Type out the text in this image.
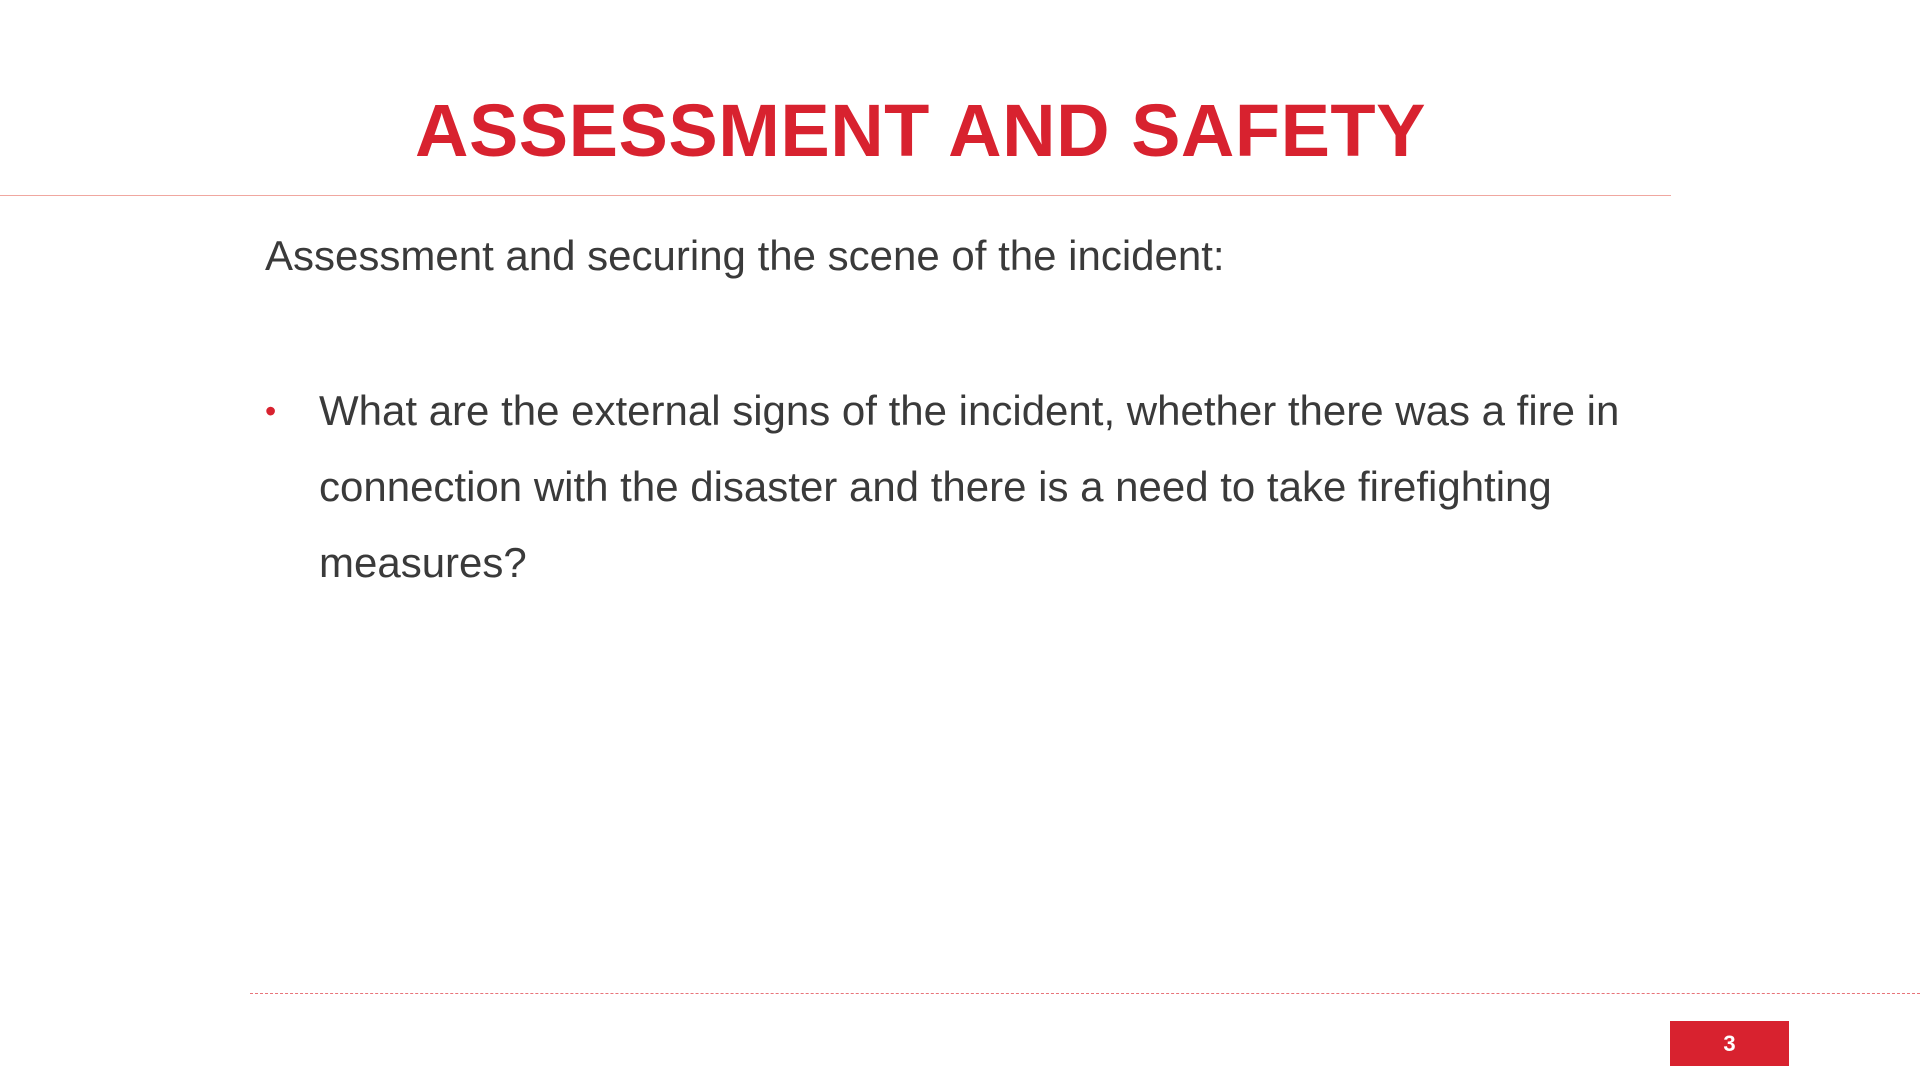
ASSESSMENT AND SAFETY

Assessment and securing the scene of the incident:

• What are the external signs of the incident, whether there was a fire in connection with the disaster and there is a need to take firefighting measures?
3
